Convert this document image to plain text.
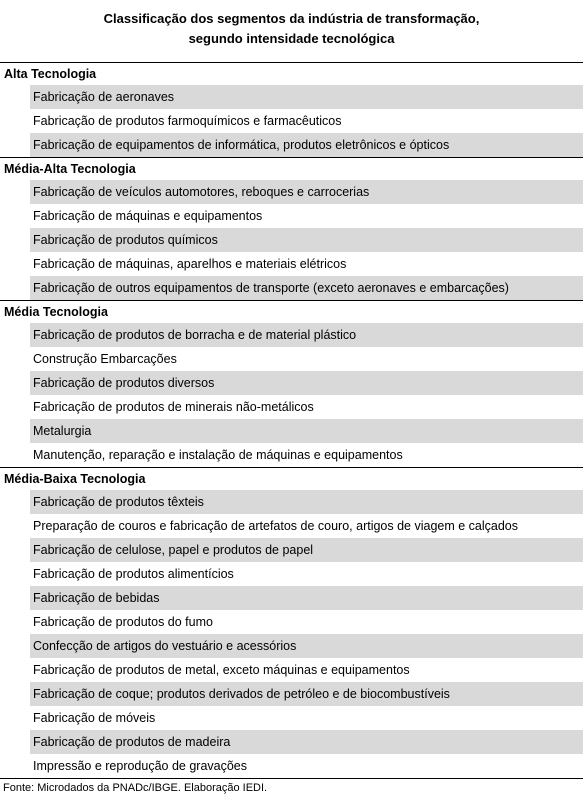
Classificação dos segmentos da indústria de transformação,
segundo intensidade tecnológica
Alta Tecnologia
Fabricação de aeronaves
Fabricação de produtos farmoquímicos e farmacêuticos
Fabricação de equipamentos de informática, produtos eletrônicos e ópticos
Média-Alta Tecnologia
Fabricação de veículos automotores, reboques e carrocerias
Fabricação de máquinas e equipamentos
Fabricação de produtos químicos
Fabricação de máquinas, aparelhos e materiais elétricos
Fabricação de outros equipamentos de transporte (exceto aeronaves e embarcações)
Média Tecnologia
Fabricação de produtos de borracha e de material plástico
Construção Embarcações
Fabricação de produtos diversos
Fabricação de produtos de minerais não-metálicos
Metalurgia
Manutenção, reparação e instalação de máquinas e equipamentos
Média-Baixa Tecnologia
Fabricação de produtos têxteis
Preparação de couros e fabricação de artefatos de couro, artigos de viagem e calçados
Fabricação de celulose, papel e produtos de papel
Fabricação de produtos alimentícios
Fabricação de bebidas
Fabricação de produtos do fumo
Confecção de artigos do vestuário e acessórios
Fabricação de produtos de metal, exceto máquinas e equipamentos
Fabricação de coque; produtos derivados de petróleo e de biocombustíveis
Fabricação de móveis
Fabricação de produtos de madeira
Impressão e reprodução de gravações
Fonte: Microdados da PNADc/IBGE. Elaboração IEDI.
